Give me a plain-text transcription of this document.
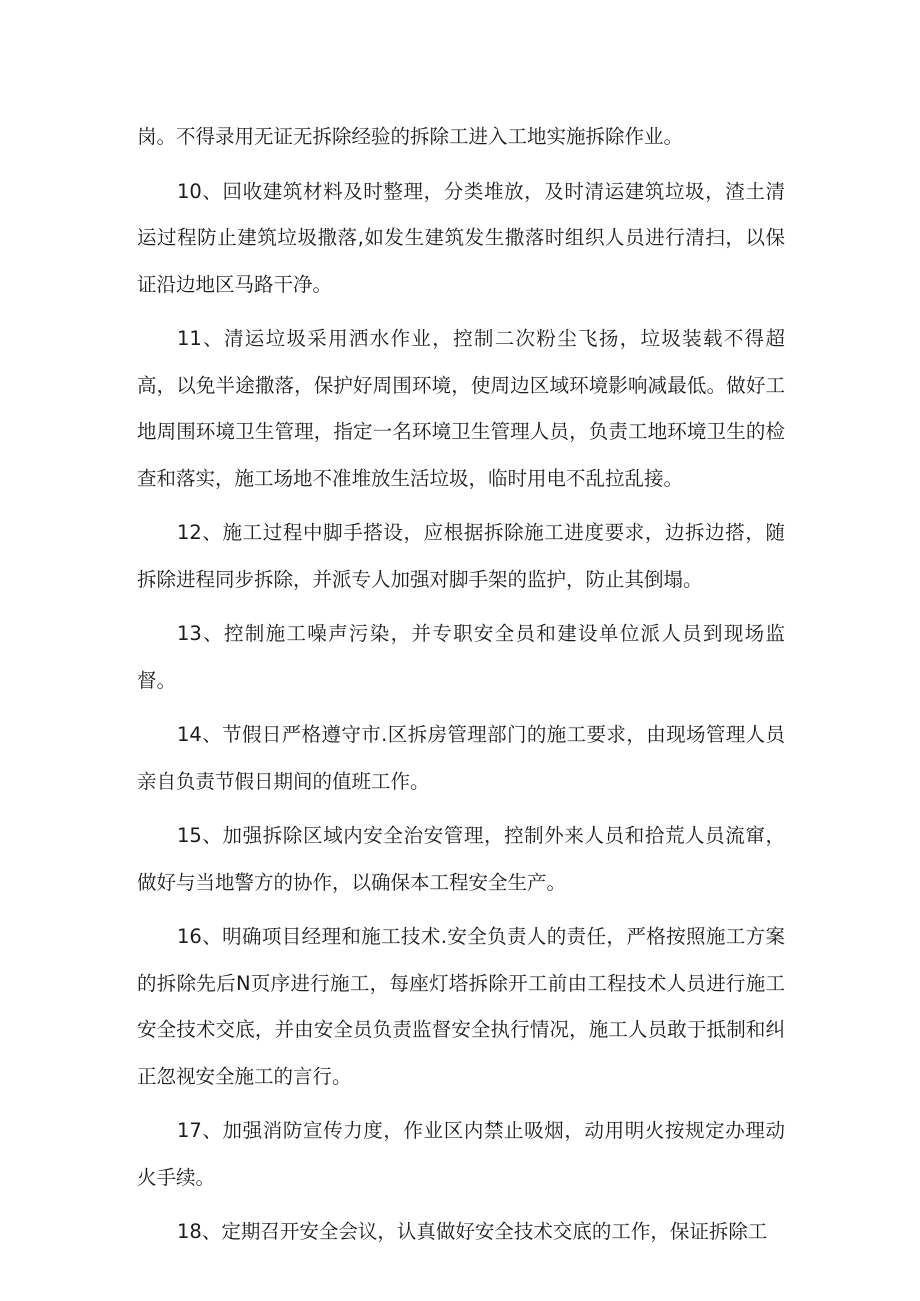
岗。不得录用无证无拆除经验的拆除工进入工地实施拆除作业。

10、回收建筑材料及时整理，分类堆放，及时清运建筑垃圾，渣土清运过程防止建筑垃圾撒落,如发生建筑发生撒落时组织人员进行清扫，以保证沿边地区马路干净。

11、清运垃圾采用洒水作业，控制二次粉尘飞扬，垃圾装载不得超高，以免半途撒落，保护好周围环境，使周边区域环境影响减最低。做好工地周围环境卫生管理，指定一名环境卫生管理人员，负责工地环境卫生的检查和落实，施工场地不准堆放生活垃圾，临时用电不乱拉乱接。

12、施工过程中脚手搭设，应根据拆除施工进度要求，边拆边搭，随拆除进程同步拆除，并派专人加强对脚手架的监护，防止其倒塌。

13、控制施工噪声污染，并专职安全员和建设单位派人员到现场监督。

14、节假日严格遵守市.区拆房管理部门的施工要求，由现场管理人员亲自负责节假日期间的值班工作。

15、加强拆除区域内安全治安管理，控制外来人员和拾荒人员流窜，做好与当地警方的协作，以确保本工程安全生产。

16、明确项目经理和施工技术.安全负责人的责任，严格按照施工方案的拆除先后N页序进行施工，每座灯塔拆除开工前由工程技术人员进行施工安全技术交底，并由安全员负责监督安全执行情况，施工人员敢于抵制和纠正忽视安全施工的言行。

17、加强消防宣传力度，作业区内禁止吸烟，动用明火按规定办理动火手续。

18、定期召开安全会议，认真做好安全技术交底的工作，保证拆除工
